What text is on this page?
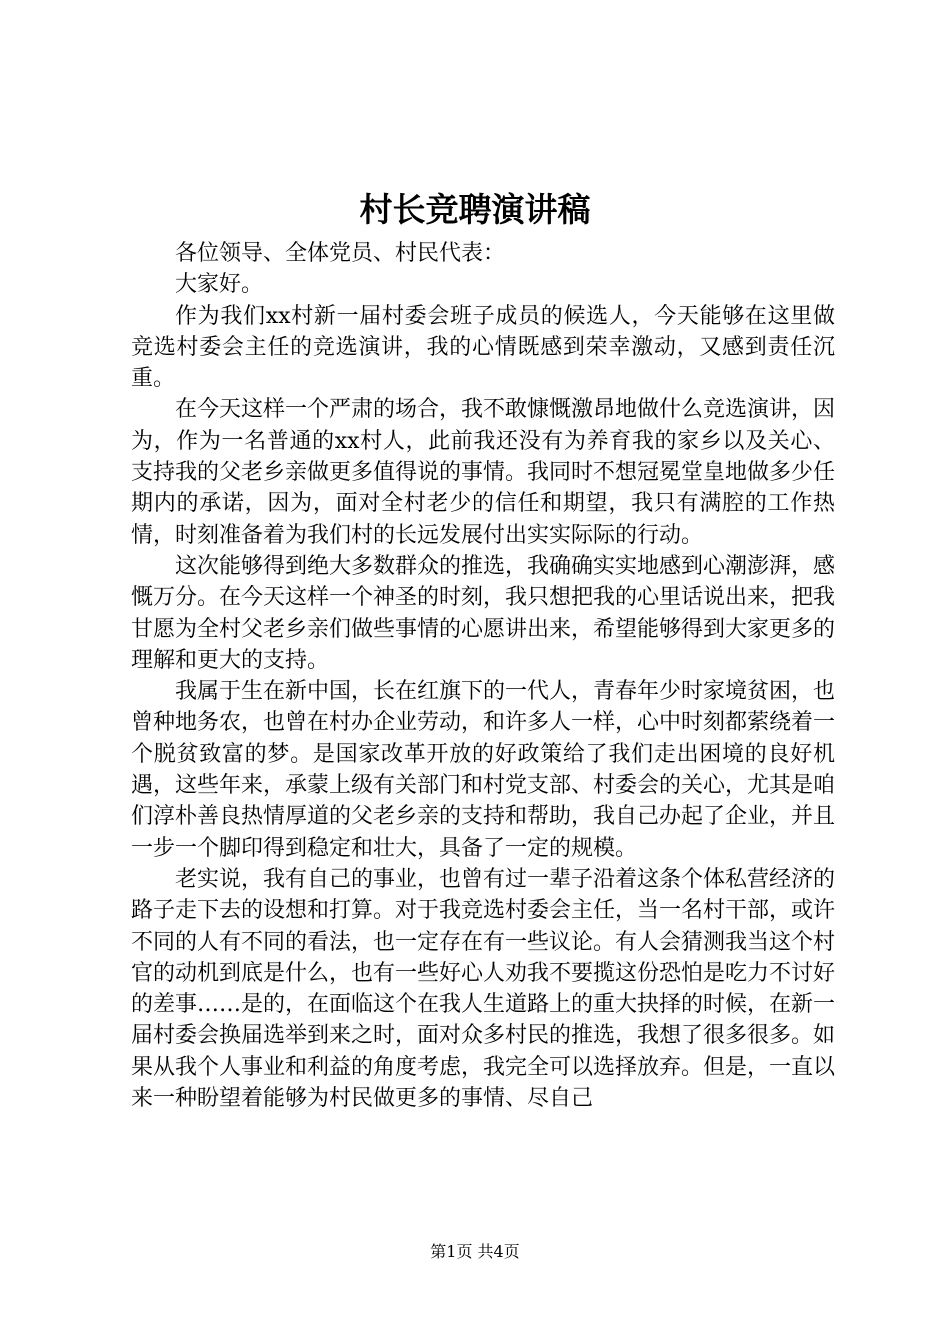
村长竞聘演讲稿

各位领导、全体党员、村民代表：

大家好。

作为我们xx村新一届村委会班子成员的候选人，今天能够在这里做竞选村委会主任的竞选演讲，我的心情既感到荣幸激动，又感到责任沉重。

在今天这样一个严肃的场合，我不敢慷慨激昂地做什么竞选演讲，因为，作为一名普通的xx村人，此前我还没有为养育我的家乡以及关心、支持我的父老乡亲做更多值得说的事情。我同时不想冠冕堂皇地做多少任期内的承诺，因为，面对全村老少的信任和期望，我只有满腔的工作热情，时刻准备着为我们村的长远发展付出实实际际的行动。

这次能够得到绝大多数群众的推选，我确确实实地感到心潮澎湃，感慨万分。在今天这样一个神圣的时刻，我只想把我的心里话说出来，把我甘愿为全村父老乡亲们做些事情的心愿讲出来，希望能够得到大家更多的理解和更大的支持。

我属于生在新中国，长在红旗下的一代人，青春年少时家境贫困，也曾种地务农，也曾在村办企业劳动，和许多人一样，心中时刻都萦绕着一个脱贫致富的梦。是国家改革开放的好政策给了我们走出困境的良好机遇，这些年来，承蒙上级有关部门和村党支部、村委会的关心，尤其是咱们淳朴善良热情厚道的父老乡亲的支持和帮助，我自己办起了企业，并且一步一个脚印得到稳定和壮大，具备了一定的规模。

老实说，我有自己的事业，也曾有过一辈子沿着这条个体私营经济的路子走下去的设想和打算。对于我竞选村委会主任，当一名村干部，或许不同的人有不同的看法，也一定存在有一些议论。有人会猜测我当这个村官的动机到底是什么，也有一些好心人劝我不要揽这份恐怕是吃力不讨好的差事……是的，在面临这个在我人生道路上的重大抉择的时候，在新一届村委会换届选举到来之时，面对众多村民的推选，我想了很多很多。如果从我个人事业和利益的角度考虑，我完全可以选择放弃。但是，一直以来一种盼望着能够为村民做更多的事情、尽自己

第1页 共4页
